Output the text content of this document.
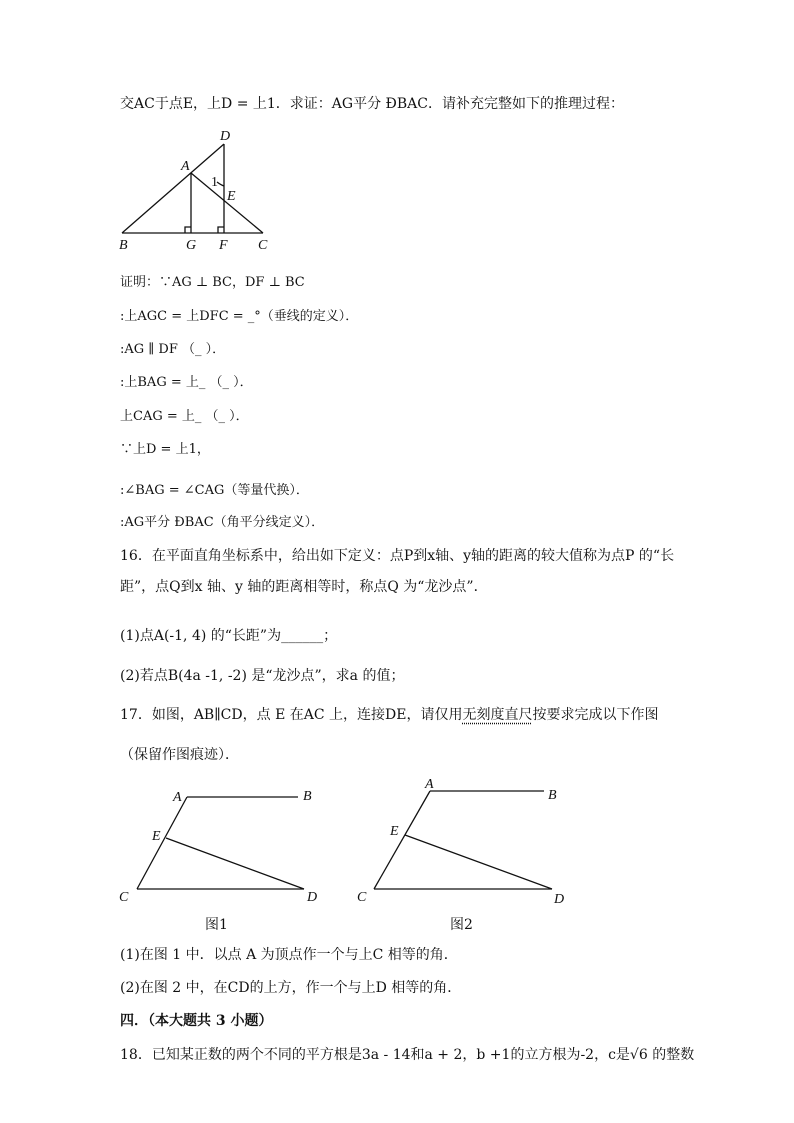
交AC于点E，上D = 上1．求证：AG平分 ÐBAC．请补充完整如下的推理过程：
A
D
1
E
B	G F C
证明：∵AG ⊥ BC，DF ⊥ BC
:上AGC = 上DFC = _°（垂线的定义）．
:AG ∥ DF （_ ）．
:上BAG = 上_ （_ ）．
上CAG = 上_ （_ ）．
∵上D = 上1，
:∠BAG = ∠CAG（等量代换）．
:AG平分 ÐBAC（角平分线定义）．
16．在平面直角坐标系中，给出如下定义：点P到x轴、y轴的距离的较大值称为点P 的“长
距”，点Q到x 轴、y 轴的距离相等时，称点Q 为“龙沙点”．
(1)点A(-1, 4) 的“长距”为______；
(2)若点B(4a -1, -2) 是“龙沙点”，求a 的值；
17．如图，AB∥CD，点 E 在AC 上，连接DE，请仅用无刻度直尺按要求完成以下作图
（保留作图痕迹）．
A	B
E
C	D
A
B
E
C	D
图1	图2
(1)在图 1 中．以点 A 为顶点作一个与上C 相等的角．
(2)在图 2 中，在CD的上方，作一个与上D 相等的角．
四．（本大题共 3 小题）
18．已知某正数的两个不同的平方根是3a - 14和a + 2，b +1的立方根为-2，c是√6 的整数
